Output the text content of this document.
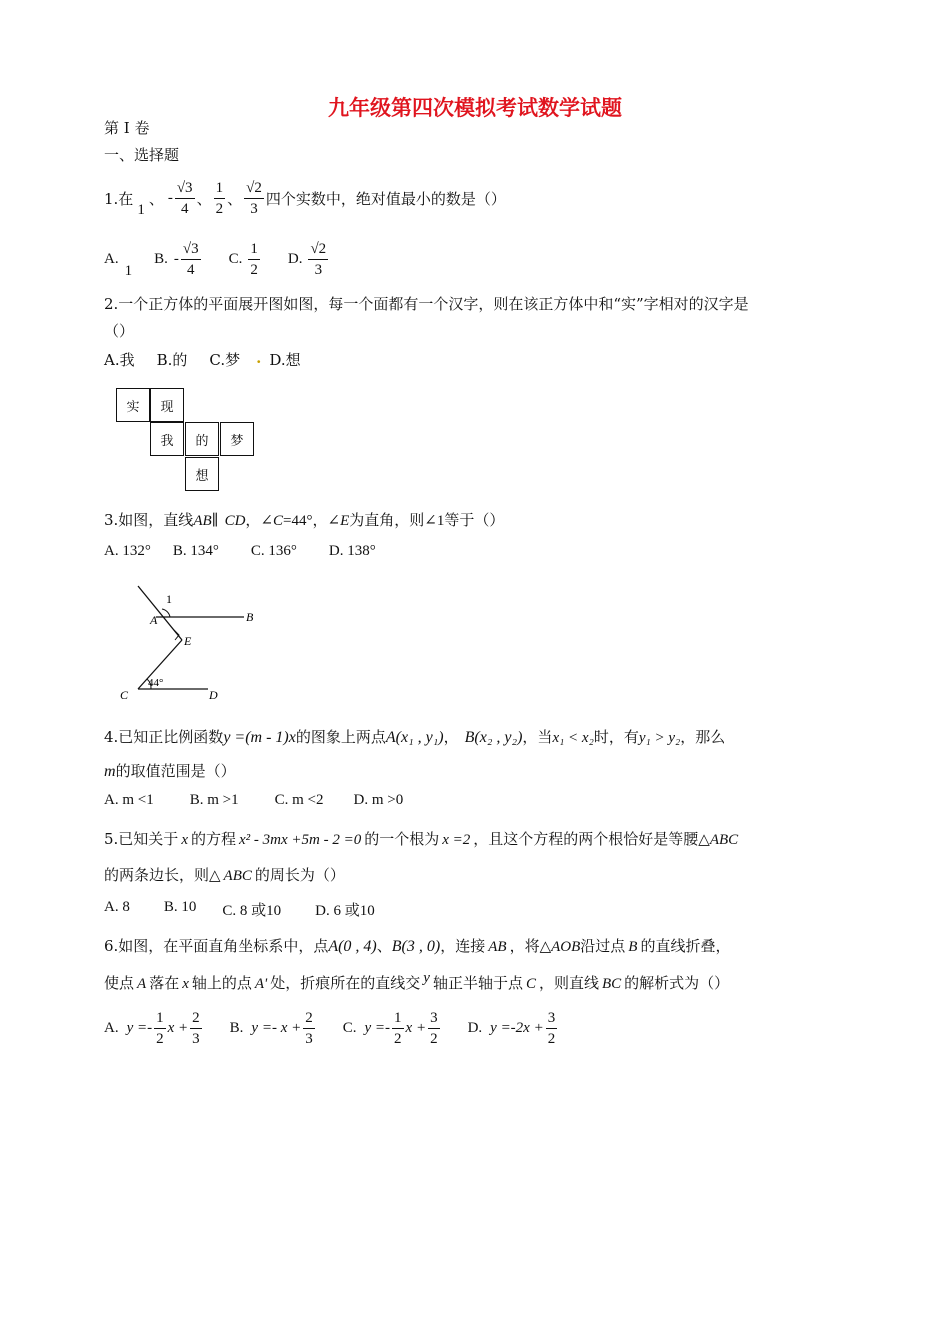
九年级第四次模拟考试数学试题
第 I 卷
一、选择题
1.在
1
、 - $\frac{√3}{4}$ 、 $\frac{1}{2}$ 、 $\frac{√2}{3}$ 四个实数中，绝对值最小的数是（）
A.
1
B. - $\frac{√3}{4} C$. $\frac{1}{2} D$. $\frac{√2}{3}$
2.一个正方体的平面展开图如图，每一个面都有一个汉字，则在该正方体中和“实”字相对的汉字是
（）
A.我 B.的 C.梦 . D.想
实	现
我	的	梦
想
3.如图，直线 AB ∥ CD ， ∠C =44° ， ∠E 为直角，则 ∠1 等于（）
A. 132° B. 134° C. 136° D. 138°
1
A	B
E
C	D
44°
4.已知正比例函数 y =(m - 1)x 的图象上两点 A(x₁ , y₁) ， B(x₂ , y₂) ，当 x₁ < x₂ 时，有 y₁ > y₂ ，那么
m 的取值范围是（）
A. m <1 B. m >1 C. m <2 D. m >0
5.已知关于 x 的方程 x² - 3mx +5m - 2 =0 的一个根为 x =2 ，且这个方程的两个根恰好是等腰△ ABC
的两条边长，则△ ABC 的周长为（）
A. 8 B. 10 C. 8 或10 D. 6 或10
6.如图，在平面直角坐标系中，点 A(0 , 4) 、 B(3 , 0) ，连接 AB ，将△ AOB 沿过点 B 的直线折叠，
使点 A 落在 x 轴上的点 A' 处，折痕所在的直线交 y 轴正半轴于点 C ，则直线 BC 的解析式为（）
A. $y =- \frac{1}{2}$ $x + \frac{2}{3} B$. $y =- x + \frac{2}{3} C$. $y =- \frac{1}{2}$ $x + \frac{3}{2} D$. $y =-2x + \frac{3}{2}$
